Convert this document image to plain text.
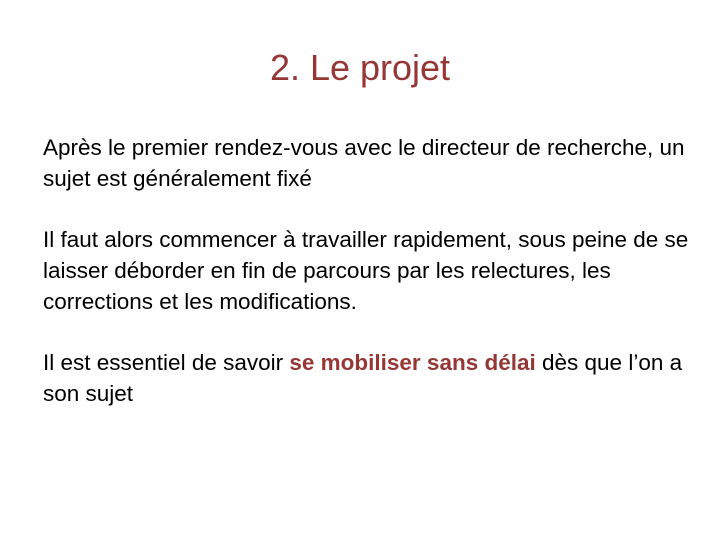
2. Le projet

Après le premier rendez-vous avec le directeur de recherche, un sujet est généralement fixé

Il faut alors commencer à travailler rapidement, sous peine de se laisser déborder en fin de parcours par les relectures, les corrections et les modifications.

Il est essentiel de savoir se mobiliser sans délai dès que l’on a son sujet
